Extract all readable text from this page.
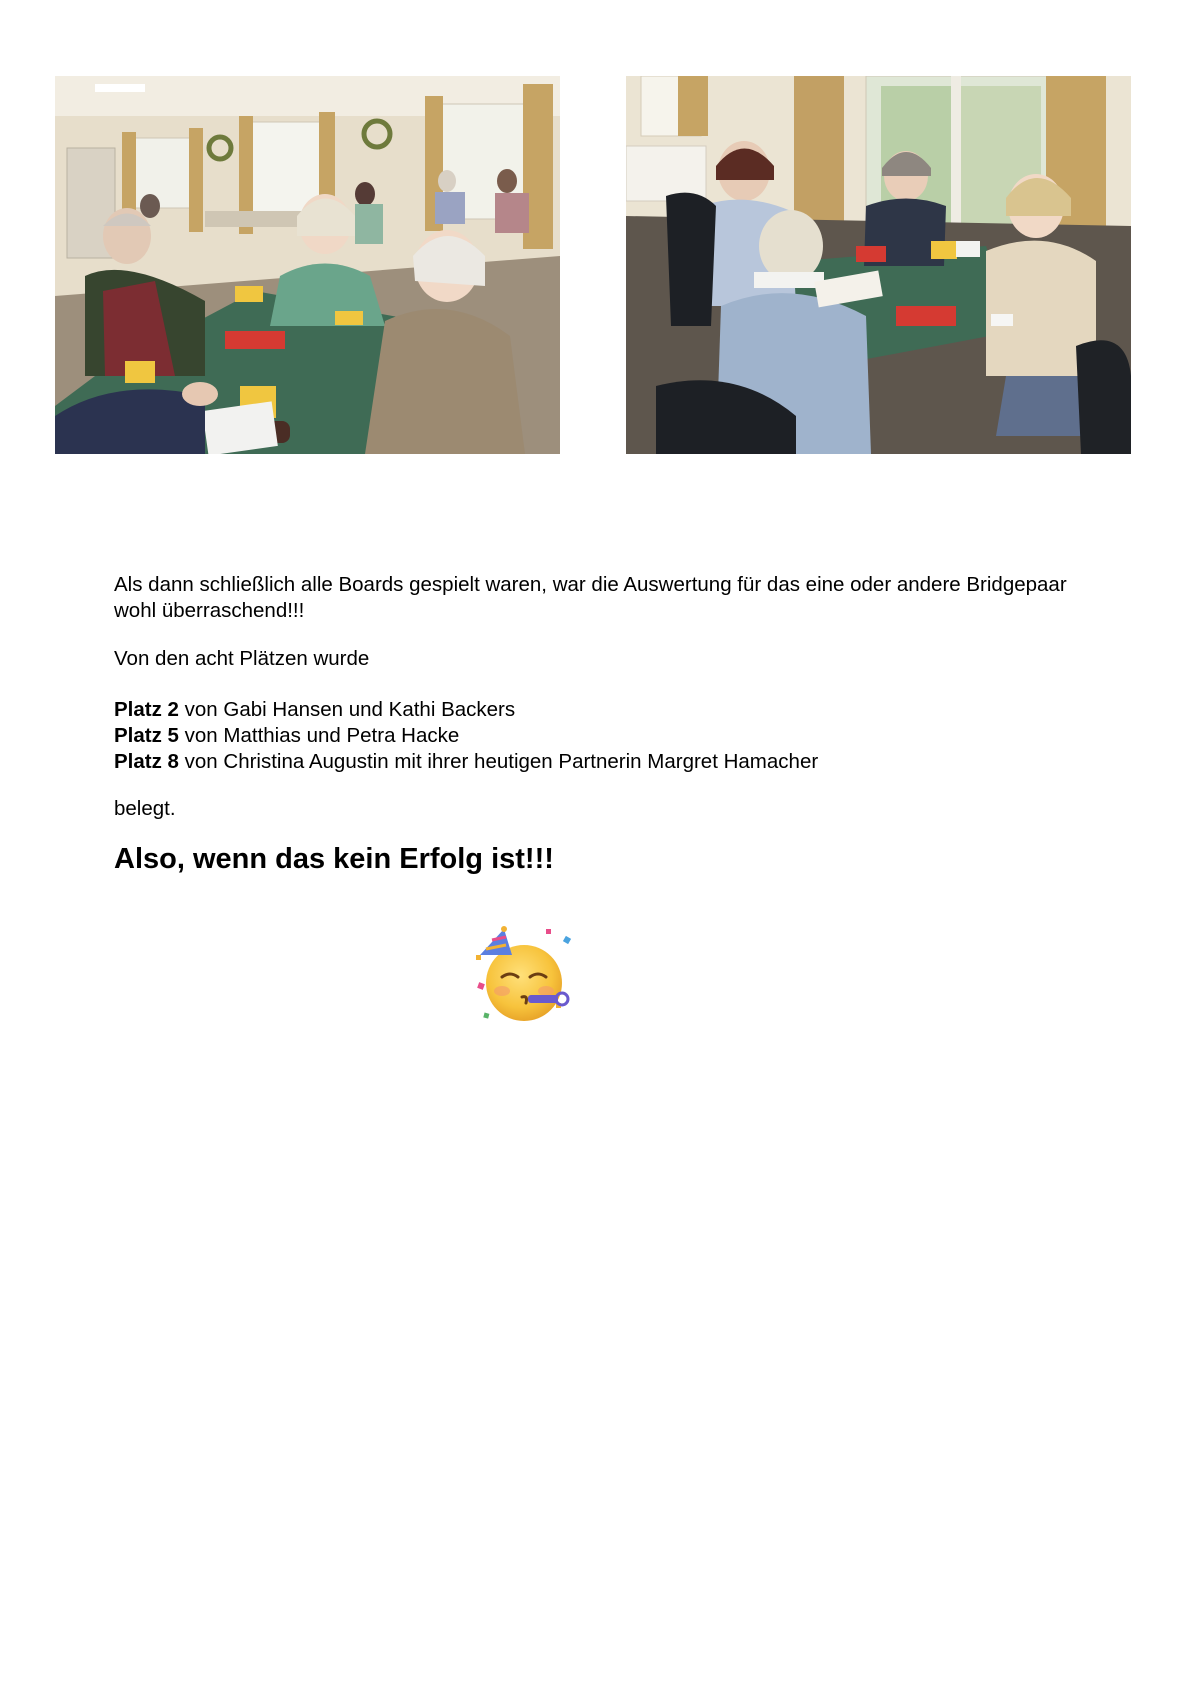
Als dann schließlich alle Boards gespielt waren, war die Auswertung für das eine oder andere Bridgepaar wohl überraschend!!!

Von den acht Plätzen wurde

Platz 2 von Gabi Hansen und Kathi Backers

Platz 5 von Matthias und Petra Hacke

Platz 8 von Christina Augustin mit ihrer heutigen Partnerin Margret Hamacher

belegt.

Also, wenn das kein Erfolg ist!!!
